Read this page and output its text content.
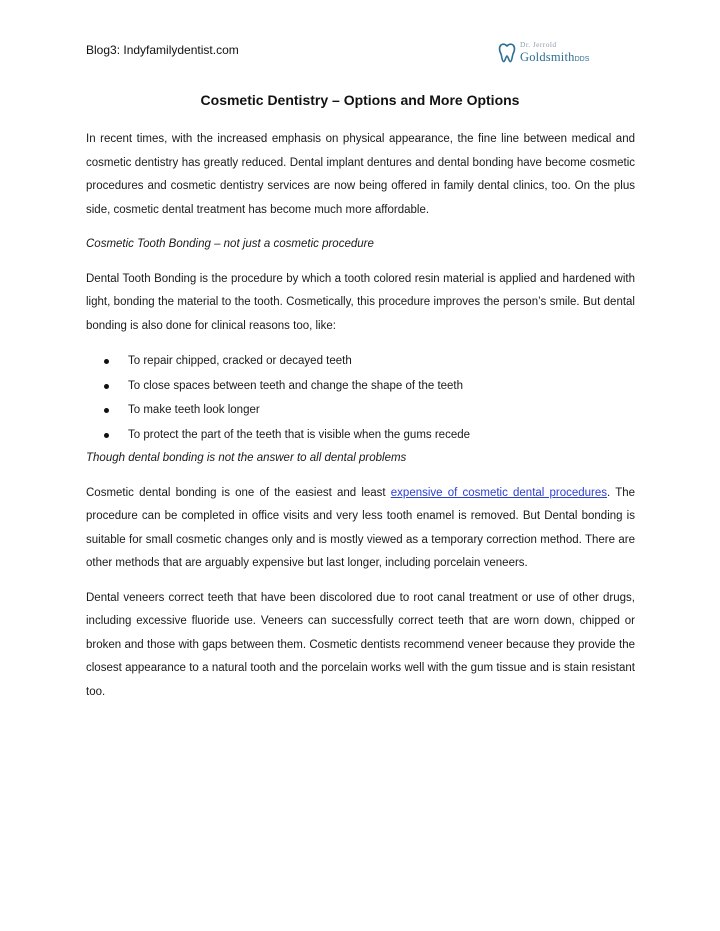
Blog3: Indyfamilydentist.com	Dr. Jerrold
GoldsmithDDS
Cosmetic Dentistry – Options and More Options

In recent times, with the increased emphasis on physical appearance, the fine line between medical and cosmetic dentistry has greatly reduced. Dental implant dentures and dental bonding have become cosmetic procedures and cosmetic dentistry services are now being offered in family dental clinics, too. On the plus side, cosmetic dental treatment has become much more affordable.

Cosmetic Tooth Bonding – not just a cosmetic procedure

Dental Tooth Bonding is the procedure by which a tooth colored resin material is applied and hardened with light, bonding the material to the tooth. Cosmetically, this procedure improves the person’s smile. But dental bonding is also done for clinical reasons too, like:

To repair chipped, cracked or decayed teeth
To close spaces between teeth and change the shape of the teeth
To make teeth look longer
To protect the part of the teeth that is visible when the gums recede

Though dental bonding is not the answer to all dental problems

Cosmetic dental bonding is one of the easiest and least expensive of cosmetic dental procedures. The procedure can be completed in office visits and very less tooth enamel is removed. But Dental bonding is suitable for small cosmetic changes only and is mostly viewed as a temporary correction method. There are other methods that are arguably expensive but last longer, including porcelain veneers.

Dental veneers correct teeth that have been discolored due to root canal treatment or use of other drugs, including excessive fluoride use. Veneers can successfully correct teeth that are worn down, chipped or broken and those with gaps between them. Cosmetic dentists recommend veneer because they provide the closest appearance to a natural tooth and the porcelain works well with the gum tissue and is stain resistant too.
